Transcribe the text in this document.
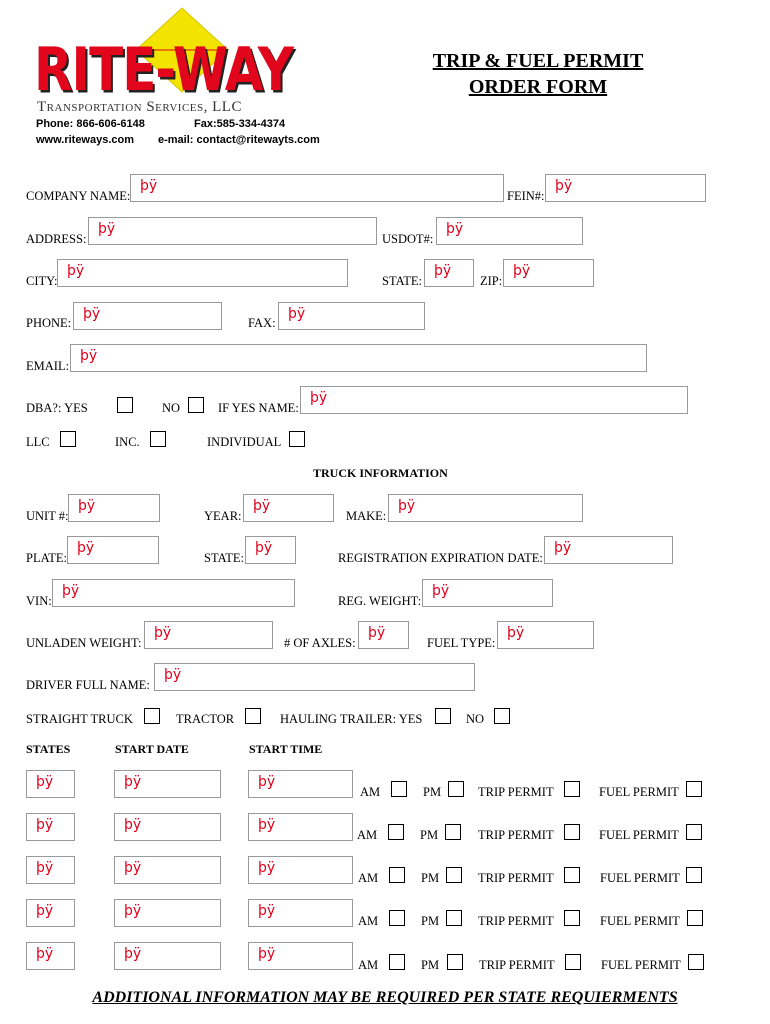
RITE-WAY
Transportation Services, LLC
Phone: 866-606-6148	Fax:585-334-4374
www.riteways.com e-mail: contact@ritewayts.com
TRIP & FUEL PERMIT
ORDER FORM
COMPANY NAME:
þÿ
FEIN#:
þÿ
ADDRESS:
þÿ
USDOT#:
þÿ
CITY:
þÿ
STATE:
þÿ
ZIP:
þÿ
PHONE:
þÿ
FAX:
þÿ
EMAIL:
þÿ
DBA?: YES	NO	IF YES NAME:
þÿ
LLC	INC.	INDIVIDUAL
TRUCK INFORMATION
UNIT #:
þÿ
YEAR:
þÿ
MAKE:
þÿ
PLATE:
þÿ
STATE:
þÿ
REGISTRATION EXPIRATION DATE:
þÿ
VIN:
þÿ
REG. WEIGHT:
þÿ
UNLADEN WEIGHT:
þÿ
# OF AXLES:
þÿ
FUEL TYPE:
þÿ
DRIVER FULL NAME:
þÿ
STRAIGHT TRUCK	TRACTOR	HAULING TRAILER: YES	NO
STATES	START DATE	START TIME
þÿ	þÿ	þÿ
AM	PM	TRIP PERMIT	FUEL PERMIT
þÿ	þÿ	þÿ
AM	PM	TRIP PERMIT	FUEL PERMIT
þÿ	þÿ	þÿ
AM	PM	TRIP PERMIT	FUEL PERMIT
þÿ	þÿ	þÿ
AM	PM	TRIP PERMIT	FUEL PERMIT
þÿ	þÿ	þÿ
AM	PM	TRIP PERMIT	FUEL PERMIT
ADDITIONAL INFORMATION MAY BE REQUIRED PER STATE REQUIERMENTS
